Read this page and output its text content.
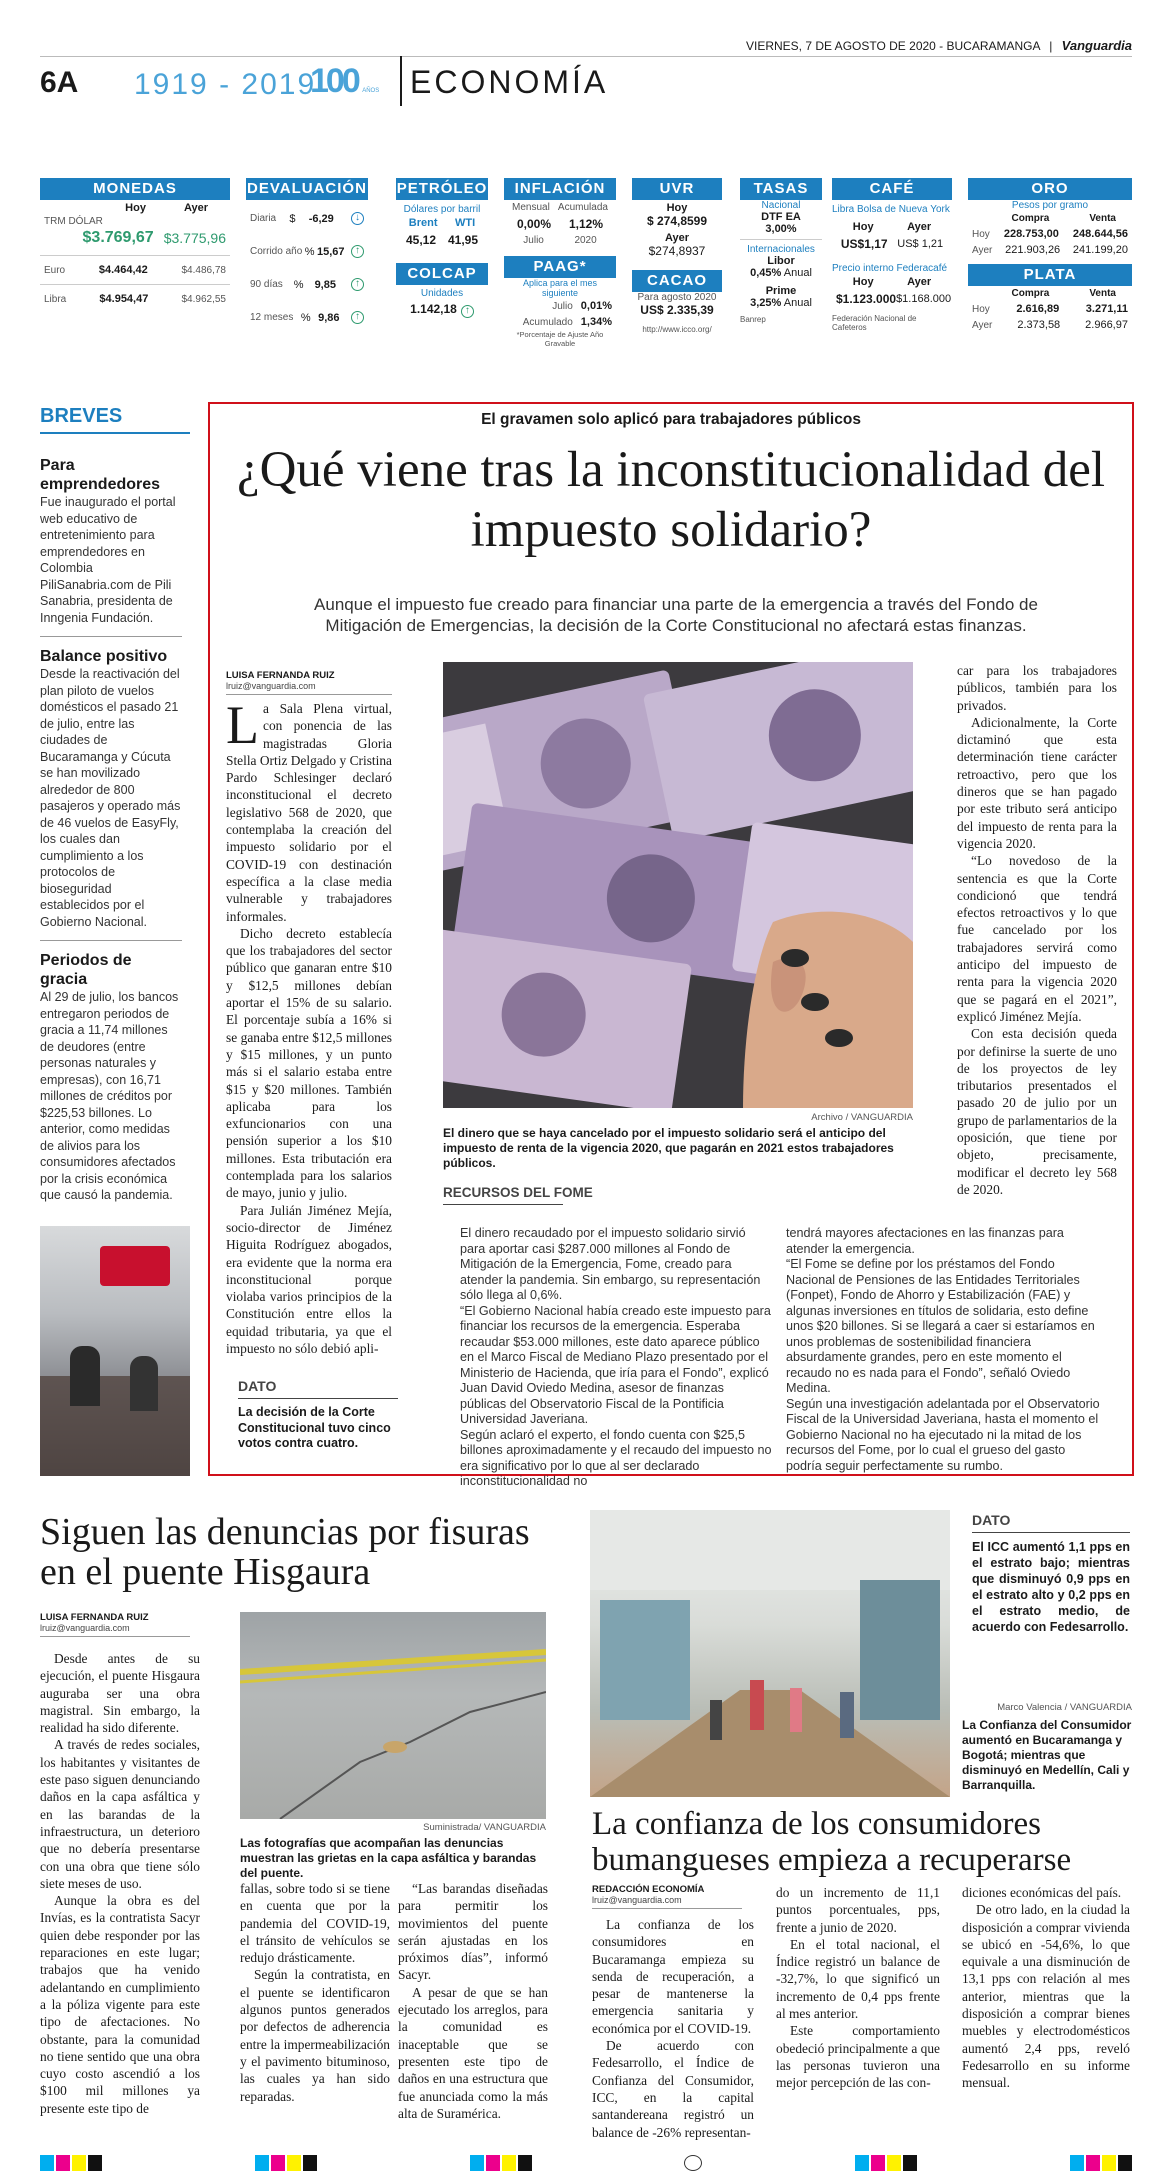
VIERNES, 7 DE AGOSTO DE 2020 - BUCARAMANGA | Vanguardia
6A 1919 - 2019
100 AÑOS ECONOMÍA
MONEDAS
Hoy	Ayer
TRM DÓLAR
$3.769,67 $3.775,96
Euro	$4.464,42	$4.486,78
Libra	$4.954,47	$4.962,55
DEVALUACIÓN
Diaria $ -6,29	↓
Corrido año % 15,67	↑
90 días % 9,85	↑
12 meses % 9,86	↑
PETRÓLEO
Dólares por barril
Brent WTI
45,12 41,95
COLCAP
Unidades
1.142,18 ↑
INFLACIÓN
Mensual Acumulada
0,00% 1,12%
Julio	2020
PAAG*
Aplica para el mes siguiente
Julio 0,01%
Acumulado 1,34%
*Porcentaje de Ajuste Año Gravable
UVR
Hoy
$ 274,8599
Ayer
$274,8937
CACAO
Para agosto 2020
US$ 2.335,39
http://www.icco.org/
TASAS
Nacional
DTF EA
3,00%
Internacionales
Libor
0,45% Anual
Prime
3,25% Anual
Banrep
CAFÉ
Libra Bolsa de Nueva York
Hoy	Ayer
US$1,17 US$ 1,21
Precio interno Federacafé
Hoy	Ayer
$1.123.000 $1.168.000
Federación Nacional de Cafeteros
ORO
Pesos por gramo
Compra	Venta
Hoy 228.753,00 248.644,56
Ayer 221.903,26 241.199,20
PLATA
Compra	Venta
Hoy 2.616,89 3.271,11
Ayer 2.373,58 2.966,97
BREVES
Para emprendedores
Fue inaugurado el portal web educativo de entretenimiento para emprendedores en Colombia PiliSanabria.com de Pili Sanabria, presidenta de Inngenia Fundación.
Balance positivo
Desde la reactivación del plan piloto de vuelos domésticos el pasado 21 de julio, entre las ciudades de Bucaramanga y Cúcuta se han movilizado alrededor de 800 pasajeros y operado más de 46 vuelos de EasyFly, los cuales dan cumplimiento a los protocolos de bioseguridad establecidos por el Gobierno Nacional.
Periodos de gracia
Al 29 de julio, los bancos entregaron periodos de gracia a 11,74 millones de deudores (entre personas naturales y empresas), con 16,71 millones de créditos por $225,53 billones. Lo anterior, como medidas de alivios para los consumidores afectados por la crisis económica que causó la pandemia.
El gravamen solo aplicó para trabajadores públicos
¿Qué viene tras la inconstitucionalidad del impuesto solidario?
Aunque el impuesto fue creado para financiar una parte de la emergencia a través del Fondo de Mitigación de Emergencias, la decisión de la Corte Constitucional no afectará estas finanzas.
LUISA FERNANDA RUIZ
lruiz@vanguardia.com

La Sala Plena virtual, con ponencia de las magistradas Gloria Stella Ortiz Delgado y Cristina Pardo Schlesinger declaró inconstitucional el decreto legislativo 568 de 2020, que contemplaba la creación del impuesto solidario por el COVID-19 con destinación específica a la clase media vulnerable y trabajadores informales.

Dicho decreto establecía que los trabajadores del sector público que ganaran entre $10 y $12,5 millones debían aportar el 15% de su salario. El porcentaje subía a 16% si se ganaba entre $12,5 millones y $15 millones, y un punto más si el salario estaba entre $15 y $20 millones. También aplicaba para los exfuncionarios con una pensión superior a los $10 millones. Esta tributación era contemplada para los salarios de mayo, junio y julio.

Para Julián Jiménez Mejía, socio-director de Jiménez Higuita Rodríguez abogados, era evidente que la norma era inconstitucional porque violaba varios principios de la Constitución entre ellos la equidad tributaria, ya que el impuesto no sólo debió apli-

Archivo / VANGUARDIA
El dinero que se haya cancelado por el impuesto solidario será el anticipo del impuesto de renta de la vigencia 2020, que pagarán en 2021 estos trabajadores públicos.

car para los trabajadores públicos, también para los privados.

Adicionalmente, la Corte dictaminó que esta determinación tiene carácter retroactivo, pero que los dineros que se han pagado por este tributo será anticipo del impuesto de renta para la vigencia 2020.

“Lo novedoso de la sentencia es que la Corte condicionó que tendrá efectos retroactivos y lo que fue cancelado por los trabajadores servirá como anticipo del impuesto de renta para la vigencia 2020 que se pagará en el 2021”, explicó Jiménez Mejía.

Con esta decisión queda por definirse la suerte de uno de los proyectos de ley tributarios presentados el pasado 20 de julio por un grupo de parlamentarios de la oposición, que tiene por objeto, precisamente, modificar el decreto ley 568 de 2020.

DATO
La decisión de la Corte Constitucional tuvo cinco votos contra cuatro.
RECURSOS DEL FOME

El dinero recaudado por el impuesto solidario sirvió para aportar casi $287.000 millones al Fondo de Mitigación de la Emergencia, Fome, creado para atender la pandemia. Sin embargo, su representación sólo llega al 0,6%.

“El Gobierno Nacional había creado este impuesto para financiar los recursos de la emergencia. Esperaba recaudar $53.000 millones, este dato aparece público en el Marco Fiscal de Mediano Plazo presentado por el Ministerio de Hacienda, que iría para el Fondo”, explicó Juan David Oviedo Medina, asesor de finanzas públicas del Observatorio Fiscal de la Pontificia Universidad Javeriana.

Según aclaró el experto, el fondo cuenta con $25,5 billones aproximadamente y el recaudo del impuesto no era significativo por lo que al ser declarado inconstitucionalidad no

tendrá mayores afectaciones en las finanzas para atender la emergencia.

“El Fome se define por los préstamos del Fondo Nacional de Pensiones de las Entidades Territoriales (Fonpet), Fondo de Ahorro y Estabilización (FAE) y algunas inversiones en títulos de solidaria, esto define unos $20 billones. Si se llegará a caer si estaríamos en unos problemas de sostenibilidad financiera absurdamente grandes, pero en este momento el recaudo no es nada para el Fondo”, señaló Oviedo Medina.

Según una investigación adelantada por el Observatorio Fiscal de la Universidad Javeriana, hasta el momento el Gobierno Nacional no ha ejecutado ni la mitad de los recursos del Fome, por lo cual el grueso del gasto podría seguir perfectamente su rumbo.

Siguen las denuncias por fisuras en el puente Hisgaura
LUISA FERNANDA RUIZ
lruiz@vanguardia.com

Desde antes de su ejecución, el puente Hisgaura auguraba ser una obra magistral. Sin embargo, la realidad ha sido diferente.

A través de redes sociales, los habitantes y visitantes de este paso siguen denunciando daños en la capa asfáltica y en las barandas de la infraestructura, un deterioro que no debería presentarse con una obra que tiene sólo siete meses de uso.

Aunque la obra es del Invías, es la contratista Sacyr quien debe responder por las reparaciones en este lugar; trabajos que ha venido adelantando en cumplimiento a la póliza vigente para este tipo de afectaciones. No obstante, para la comunidad no tiene sentido que una obra cuyo costo ascendió a los $100 mil millones ya presente este tipo de

Suministrada/ VANGUARDIA
Las fotografías que acompañan las denuncias muestran las grietas en la capa asfáltica y barandas del puente.

fallas, sobre todo si se tiene en cuenta que por la pandemia del COVID-19, el tránsito de vehículos se redujo drásticamente.

Según la contratista, en el puente se identificaron algunos puntos generados por defectos de adherencia entre la impermeabilización y el pavimento bituminoso, las cuales ya han sido reparadas.

“Las barandas diseñadas para permitir los movimientos del puente serán ajustadas en los próximos días”, informó Sacyr.

A pesar de que se han ejecutado los arreglos, para la comunidad es inaceptable que se presenten este tipo de daños en una estructura que fue anunciada como la más alta de Suramérica.

DATO
El ICC aumentó 1,1 pps en el estrato bajo; mientras que disminuyó 0,9 pps en el estrato alto y 0,2 pps en el estrato medio, de acuerdo con Fedesarrollo.
Marco Valencia / VANGUARDIA
La Confianza del Consumidor aumentó en Bucaramanga y Bogotá; mientras que disminuyó en Medellín, Cali y Barranquilla.
La confianza de los consumidores bumangueses empieza a recuperarse
REDACCIÓN ECONOMÍA
lruiz@vanguardia.com

La confianza de los consumidores en Bucaramanga empieza su senda de recuperación, a pesar de mantenerse la emergencia sanitaria y económica por el COVID-19.

De acuerdo con Fedesarrollo, el Índice de Confianza del Consumidor, ICC, en la capital santandereana registró un balance de -26% representan-

do un incremento de 11,1 puntos porcentuales, pps, frente a junio de 2020.

En el total nacional, el Índice registró un balance de -32,7%, lo que significó un incremento de 0,4 pps frente al mes anterior.

Este comportamiento obedeció principalmente a que las personas tuvieron una mejor percepción de las con-

diciones económicas del país.

De otro lado, en la ciudad la disposición a comprar vivienda se ubicó en -54,6%, lo que equivale a una disminución de 13,1 pps con relación al mes anterior, mientras que la disposición a comprar bienes muebles y electrodomésticos aumentó 2,4 pps, reveló Fedesarrollo en su informe mensual.
